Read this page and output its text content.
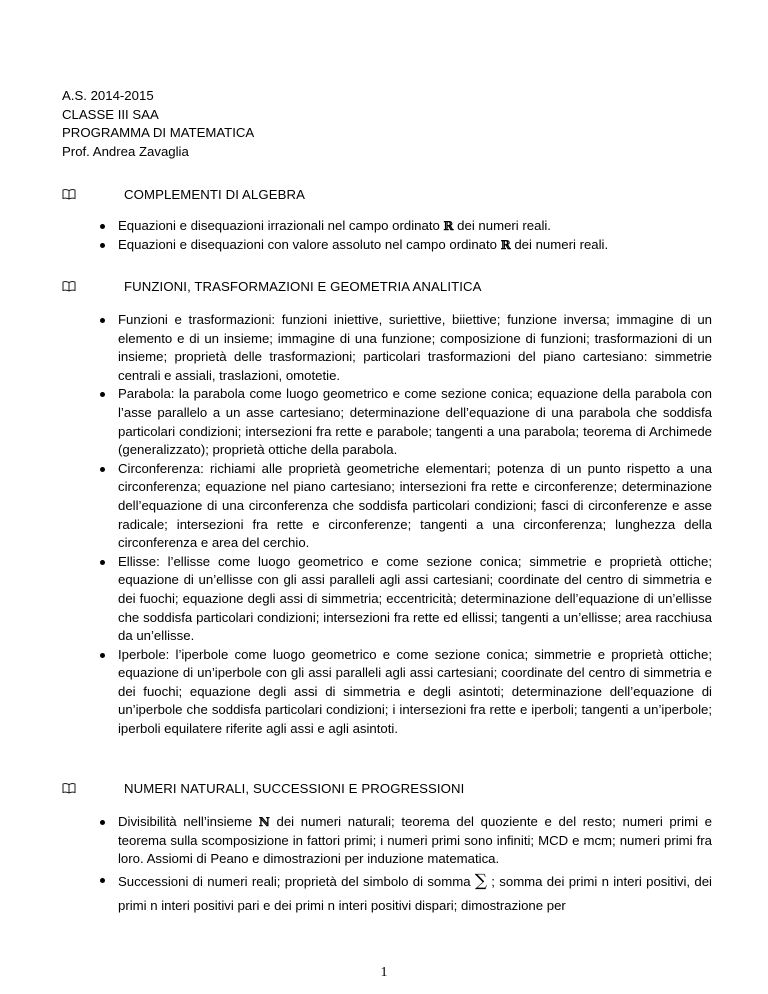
A.S. 2014-2015
CLASSE III SAA
PROGRAMMA DI MATEMATICA
Prof. Andrea Zavaglia
COMPLEMENTI DI ALGEBRA
Equazioni e disequazioni irrazionali nel campo ordinato ℝ dei numeri reali.
Equazioni e disequazioni con valore assoluto nel campo ordinato ℝ dei numeri reali.
FUNZIONI, TRASFORMAZIONI E GEOMETRIA ANALITICA
Funzioni e trasformazioni: funzioni iniettive, suriettive, biiettive; funzione inversa; immagine di un elemento e di un insieme; immagine di una funzione; composizione di funzioni; trasformazioni di un insieme; proprietà delle trasformazioni; particolari trasformazioni del piano cartesiano: simmetrie centrali e assiali, traslazioni, omotetie.
Parabola: la parabola come luogo geometrico e come sezione conica; equazione della parabola con l’asse parallelo a un asse cartesiano; determinazione dell’equazione di una parabola che soddisfa particolari condizioni; intersezioni fra rette e parabole; tangenti a una parabola; teorema di Archimede (generalizzato); proprietà ottiche della parabola.
Circonferenza: richiami alle proprietà geometriche elementari; potenza di un punto rispetto a una circonferenza; equazione nel piano cartesiano; intersezioni fra rette e circonferenze; determinazione dell’equazione di una circonferenza che soddisfa particolari condizioni; fasci di circonferenze e asse radicale; intersezioni fra rette e circonferenze; tangenti a una circonferenza; lunghezza della circonferenza e area del cerchio.
Ellisse: l’ellisse come luogo geometrico e come sezione conica; simmetrie e proprietà ottiche; equazione di un’ellisse con gli assi paralleli agli assi cartesiani; coordinate del centro di simmetria e dei fuochi; equazione degli assi di simmetria; eccentricità; determinazione dell’equazione di un’ellisse che soddisfa particolari condizioni; intersezioni fra rette ed ellissi; tangenti a un’ellisse; area racchiusa da un’ellisse.
Iperbole: l’iperbole come luogo geometrico e come sezione conica; simmetrie e proprietà ottiche; equazione di un’iperbole con gli assi paralleli agli assi cartesiani; coordinate del centro di simmetria e dei fuochi; equazione degli assi di simmetria e degli asintoti; determinazione dell’equazione di un’iperbole che soddisfa particolari condizioni; i intersezioni fra rette e iperboli; tangenti a un’iperbole; iperboli equilatere riferite agli assi e agli asintoti.
NUMERI NATURALI, SUCCESSIONI E PROGRESSIONI
Divisibilità nell’insieme ℕ dei numeri naturali; teorema del quoziente e del resto; numeri primi e teorema sulla scomposizione in fattori primi; i numeri primi sono infiniti; MCD e mcm; numeri primi fra loro. Assiomi di Peano e dimostrazioni per induzione matematica.
Successioni di numeri reali; proprietà del simbolo di somma ∑ ; somma dei primi n interi positivi, dei primi n interi positivi pari e dei primi n interi positivi dispari; dimostrazione per
1
